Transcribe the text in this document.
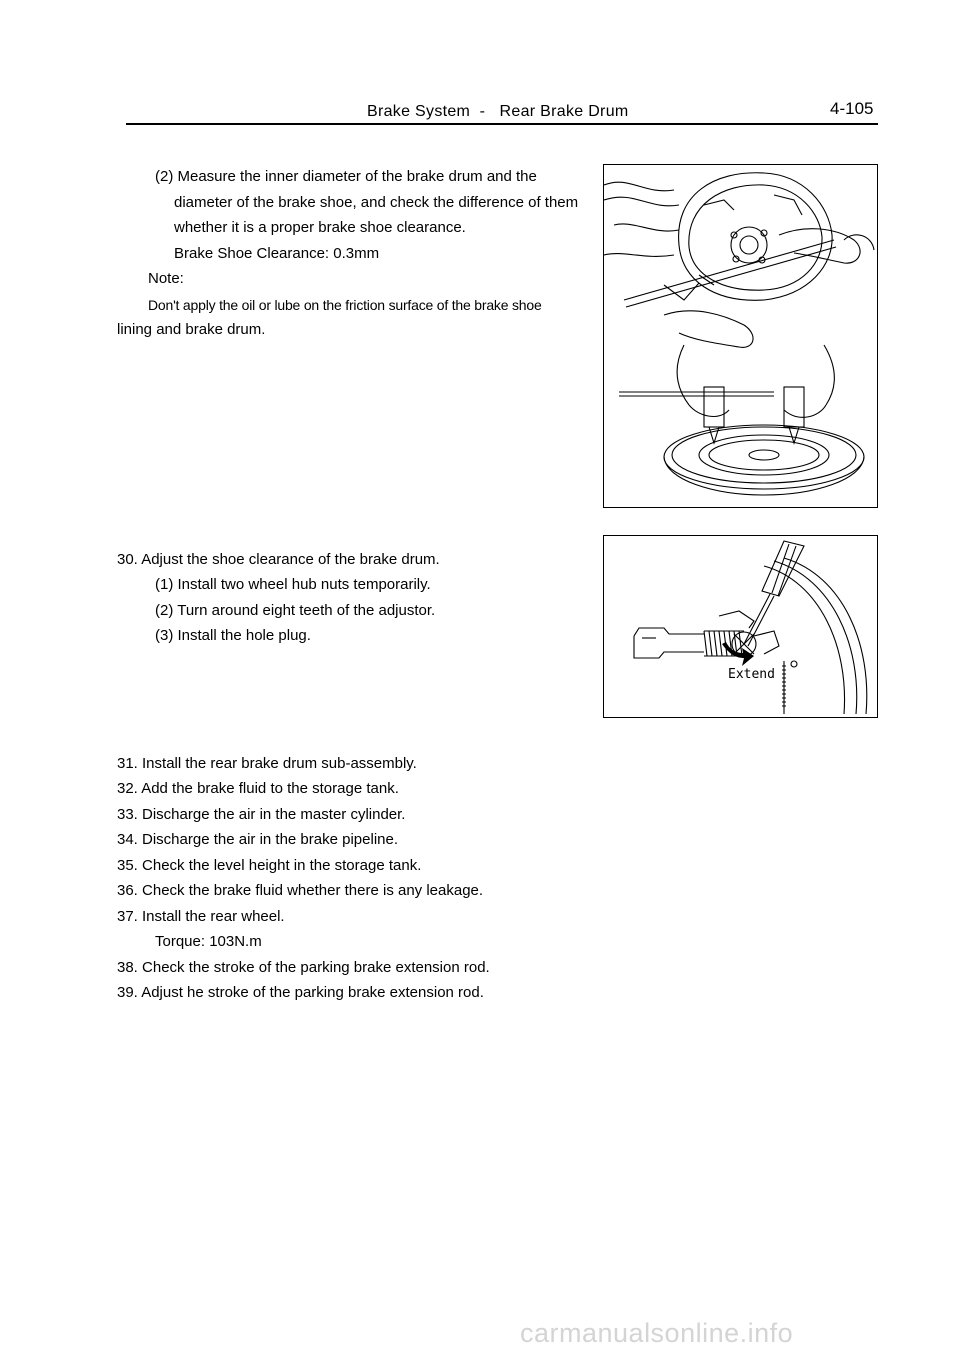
Brake System  -   Rear Brake Drum	4-105
(2) Measure the inner diameter of the brake drum and the
diameter of the brake shoe, and check the difference of them
whether it is a proper brake shoe clearance.
Brake Shoe Clearance: 0.3mm
Note:
Don't apply the oil or lube on the friction surface of the brake shoe
lining and brake drum.
30. Adjust the shoe clearance of the brake drum.
(1) Install two wheel hub nuts temporarily.
(2) Turn around eight teeth of the adjustor.
(3) Install the hole plug.
Extend
31. Install the rear brake drum sub-assembly.
32. Add the brake fluid to the storage tank.
33. Discharge the air in the master cylinder.
34. Discharge the air in the brake pipeline.
35. Check the level height in the storage tank.
36. Check the brake fluid whether there is any leakage.
37. Install the rear wheel.
Torque: 103N.m
38. Check the stroke of the parking brake extension rod.
39. Adjust he stroke of the parking brake extension rod.
carmanualsonline.info
